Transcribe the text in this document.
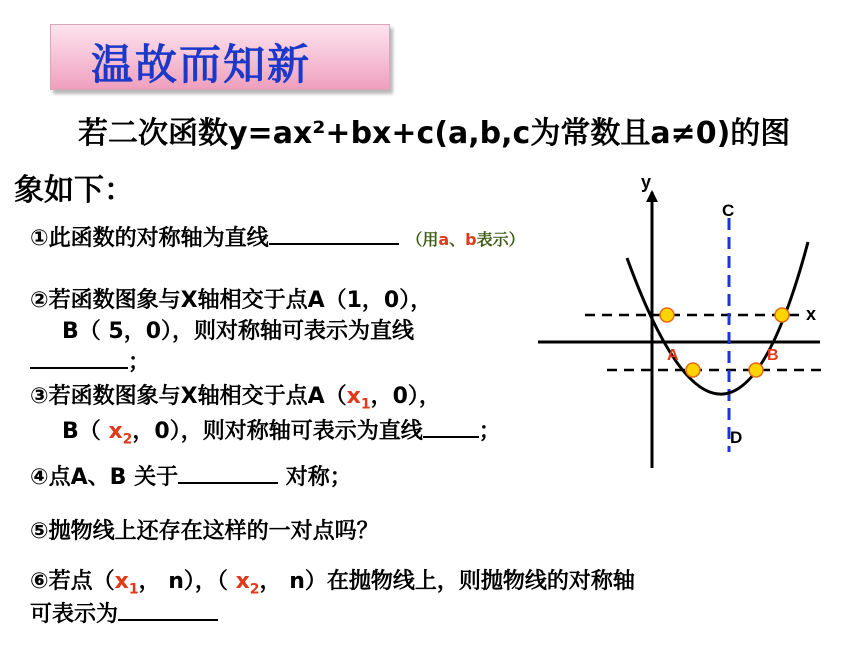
温故而知新
若二次函数y=ax²+bx+c(a,b,c为常数且a≠0)的图
象如下：
①此函数的对称轴为直线	（用a、b表示）
②若函数图象与X轴相交于点A（1，0），
B（ 5，0），则对称轴可表示为直线
；
③若函数图象与X轴相交于点$A(x_1$，0），
B（ $x_2$，0），则对称轴可表示为直线	；
④点A、B 关于	对称；
⑤抛物线上还存在这样的一对点吗？
⑥若点（$x_1$， n），（ $x_2$， n）在抛物线上，则抛物线的对称轴
可表示为
y
x
C
D
A	B
